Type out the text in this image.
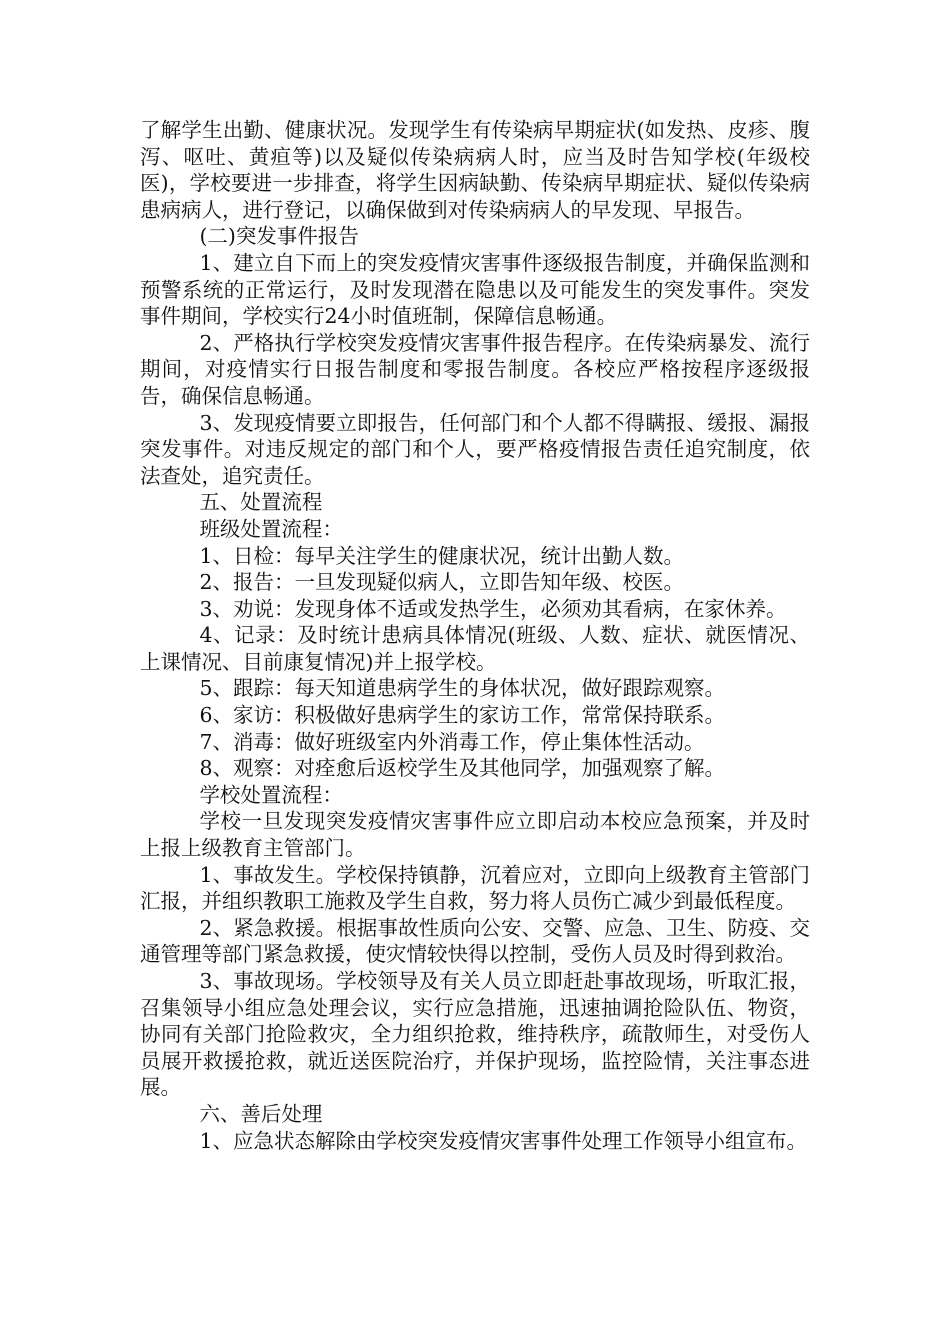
了解学生出勤、健康状况。发现学生有传染病早期症状(如发热、皮疹、腹泻、呕吐、黄疸等)以及疑似传染病病人时，应当及时告知学校(年级校医)，学校要进一步排查，将学生因病缺勤、传染病早期症状、疑似传染病患病病人，进行登记，以确保做到对传染病病人的早发现、早报告。

(二)突发事件报告

1、建立自下而上的突发疫情灾害事件逐级报告制度，并确保监测和预警系统的正常运行，及时发现潜在隐患以及可能发生的突发事件。突发事件期间，学校实行24小时值班制，保障信息畅通。

2、严格执行学校突发疫情灾害事件报告程序。在传染病暴发、流行期间，对疫情实行日报告制度和零报告制度。各校应严格按程序逐级报告，确保信息畅通。

3、发现疫情要立即报告，任何部门和个人都不得瞒报、缓报、漏报突发事件。对违反规定的部门和个人，要严格疫情报告责任追究制度，依法查处，追究责任。

五、处置流程

班级处置流程：

1、日检：每早关注学生的健康状况，统计出勤人数。

2、报告：一旦发现疑似病人，立即告知年级、校医。

3、劝说：发现身体不适或发热学生，必须劝其看病，在家休养。

4、记录：及时统计患病具体情况(班级、人数、症状、就医情况、上课情况、目前康复情况)并上报学校。

5、跟踪：每天知道患病学生的身体状况，做好跟踪观察。

6、家访：积极做好患病学生的家访工作，常常保持联系。

7、消毒：做好班级室内外消毒工作，停止集体性活动。

8、观察：对痊愈后返校学生及其他同学，加强观察了解。

学校处置流程：

学校一旦发现突发疫情灾害事件应立即启动本校应急预案，并及时上报上级教育主管部门。

1、事故发生。学校保持镇静，沉着应对，立即向上级教育主管部门汇报，并组织教职工施救及学生自救，努力将人员伤亡减少到最低程度。

2、紧急救援。根据事故性质向公安、交警、应急、卫生、防疫、交通管理等部门紧急救援，使灾情较快得以控制，受伤人员及时得到救治。

3、事故现场。学校领导及有关人员立即赶赴事故现场，听取汇报，召集领导小组应急处理会议，实行应急措施，迅速抽调抢险队伍、物资，协同有关部门抢险救灾，全力组织抢救，维持秩序，疏散师生，对受伤人员展开救援抢救，就近送医院治疗，并保护现场，监控险情，关注事态进展。

六、善后处理

1、应急状态解除由学校突发疫情灾害事件处理工作领导小组宣布。
